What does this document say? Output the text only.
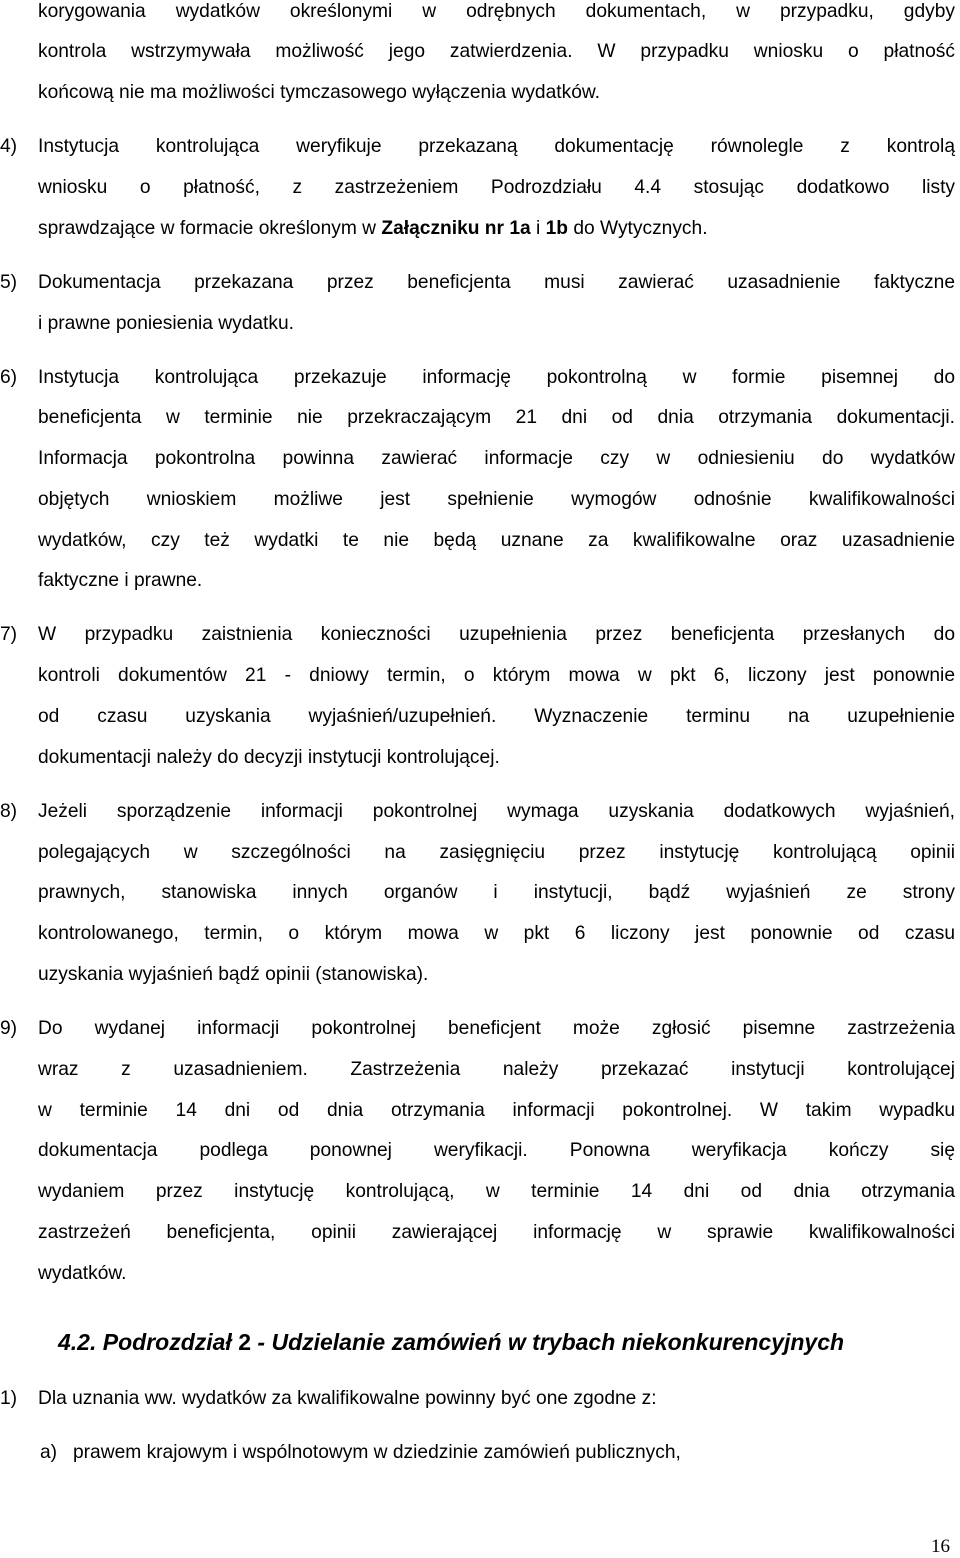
korygowania wydatków określonymi w odrębnych dokumentach, w przypadku, gdyby
kontrola wstrzymywała możliwość jego zatwierdzenia. W przypadku wniosku o płatność
końcową nie ma możliwości tymczasowego wyłączenia wydatków.
4) Instytucja kontrolująca weryfikuje przekazaną dokumentację równolegle z kontrolą
wniosku o płatność, z zastrzeżeniem Podrozdziału 4.4 stosując dodatkowo listy
sprawdzające w formacie określonym w Załączniku nr 1a i 1b do Wytycznych.
5) Dokumentacja przekazana przez beneficjenta musi zawierać uzasadnienie faktyczne
i prawne poniesienia wydatku.
6) Instytucja kontrolująca przekazuje informację pokontrolną w formie pisemnej do
beneficjenta w terminie nie przekraczającym 21 dni od dnia otrzymania dokumentacji.
Informacja pokontrolna powinna zawierać informacje czy w odniesieniu do wydatków
objętych wnioskiem możliwe jest spełnienie wymogów odnośnie kwalifikowalności
wydatków, czy też wydatki te nie będą uznane za kwalifikowalne oraz uzasadnienie
faktyczne i prawne.
7) W przypadku zaistnienia konieczności uzupełnienia przez beneficjenta przesłanych do
kontroli dokumentów 21 - dniowy termin, o którym mowa w pkt 6, liczony jest ponownie
od czasu uzyskania wyjaśnień/uzupełnień. Wyznaczenie terminu na uzupełnienie
dokumentacji należy do decyzji instytucji kontrolującej.
8) Jeżeli sporządzenie informacji pokontrolnej wymaga uzyskania dodatkowych wyjaśnień,
polegających w szczególności na zasięgnięciu przez instytucję kontrolującą opinii
prawnych, stanowiska innych organów i instytucji, bądź wyjaśnień ze strony
kontrolowanego, termin, o którym mowa w pkt 6 liczony jest ponownie od czasu
uzyskania wyjaśnień bądź opinii (stanowiska).
9) Do wydanej informacji pokontrolnej beneficjent może zgłosić pisemne zastrzeżenia
wraz z uzasadnieniem. Zastrzeżenia należy przekazać instytucji kontrolującej
w terminie 14 dni od dnia otrzymania informacji pokontrolnej. W takim wypadku
dokumentacja podlega ponownej weryfikacji. Ponowna weryfikacja kończy się
wydaniem przez instytucję kontrolującą, w terminie 14 dni od dnia otrzymania
zastrzeżeń beneficjenta, opinii zawierającej informację w sprawie kwalifikowalności
wydatków.
4.2. Podrozdział 2 - Udzielanie zamówień w trybach niekonkurencyjnych
1) Dla uznania ww. wydatków za kwalifikowalne powinny być one zgodne z:
a) prawem krajowym i wspólnotowym w dziedzinie zamówień publicznych,
16
